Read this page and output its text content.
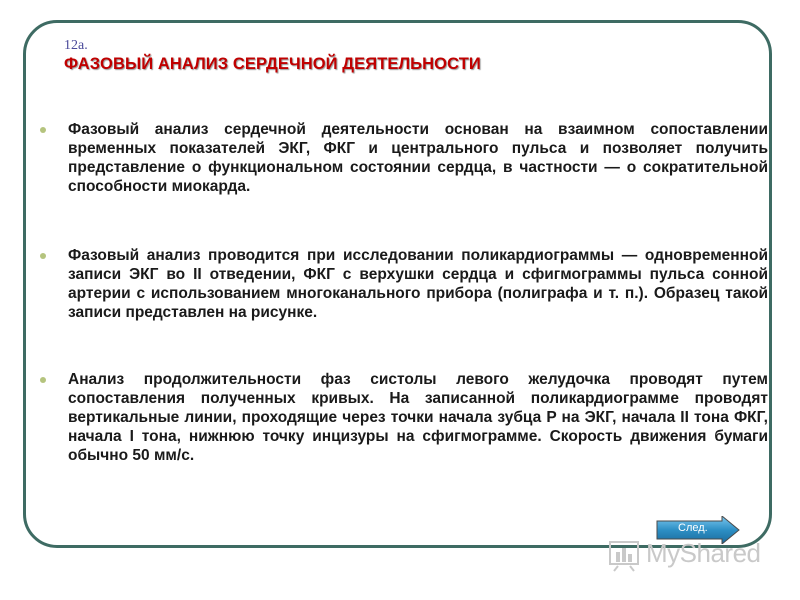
12a.
ФАЗОВЫЙ АНАЛИЗ СЕРДЕЧНОЙ ДЕЯТЕЛЬНОСТИ
Фазовый анализ сердечной деятельности основан на взаимном сопоставлении временных показателей ЭКГ, ФКГ и центрального пульса и позволяет получить представление о функциональном состоянии сердца, в частности — о сократительной способности миокарда.
Фазовый анализ проводится при исследовании поликардиограммы — одновременной записи ЭКГ во II отведении, ФКГ с верхушки сердца и сфигмограммы пульса сонной артерии с использованием многоканального прибора (полиграфа и т. п.). Образец такой записи представлен на рисунке.
Анализ продолжительности фаз систолы левого желудочка проводят путем сопоставления полученных кривых. На записанной поликардиограмме проводят вертикальные линии, проходящие через точки начала зубца P на ЭКГ, начала II тона ФКГ, начала I тона, нижнюю точку инцизуры на сфигмограмме. Скорость движения бумаги обычно 50 мм/с.
След.
MyShared
